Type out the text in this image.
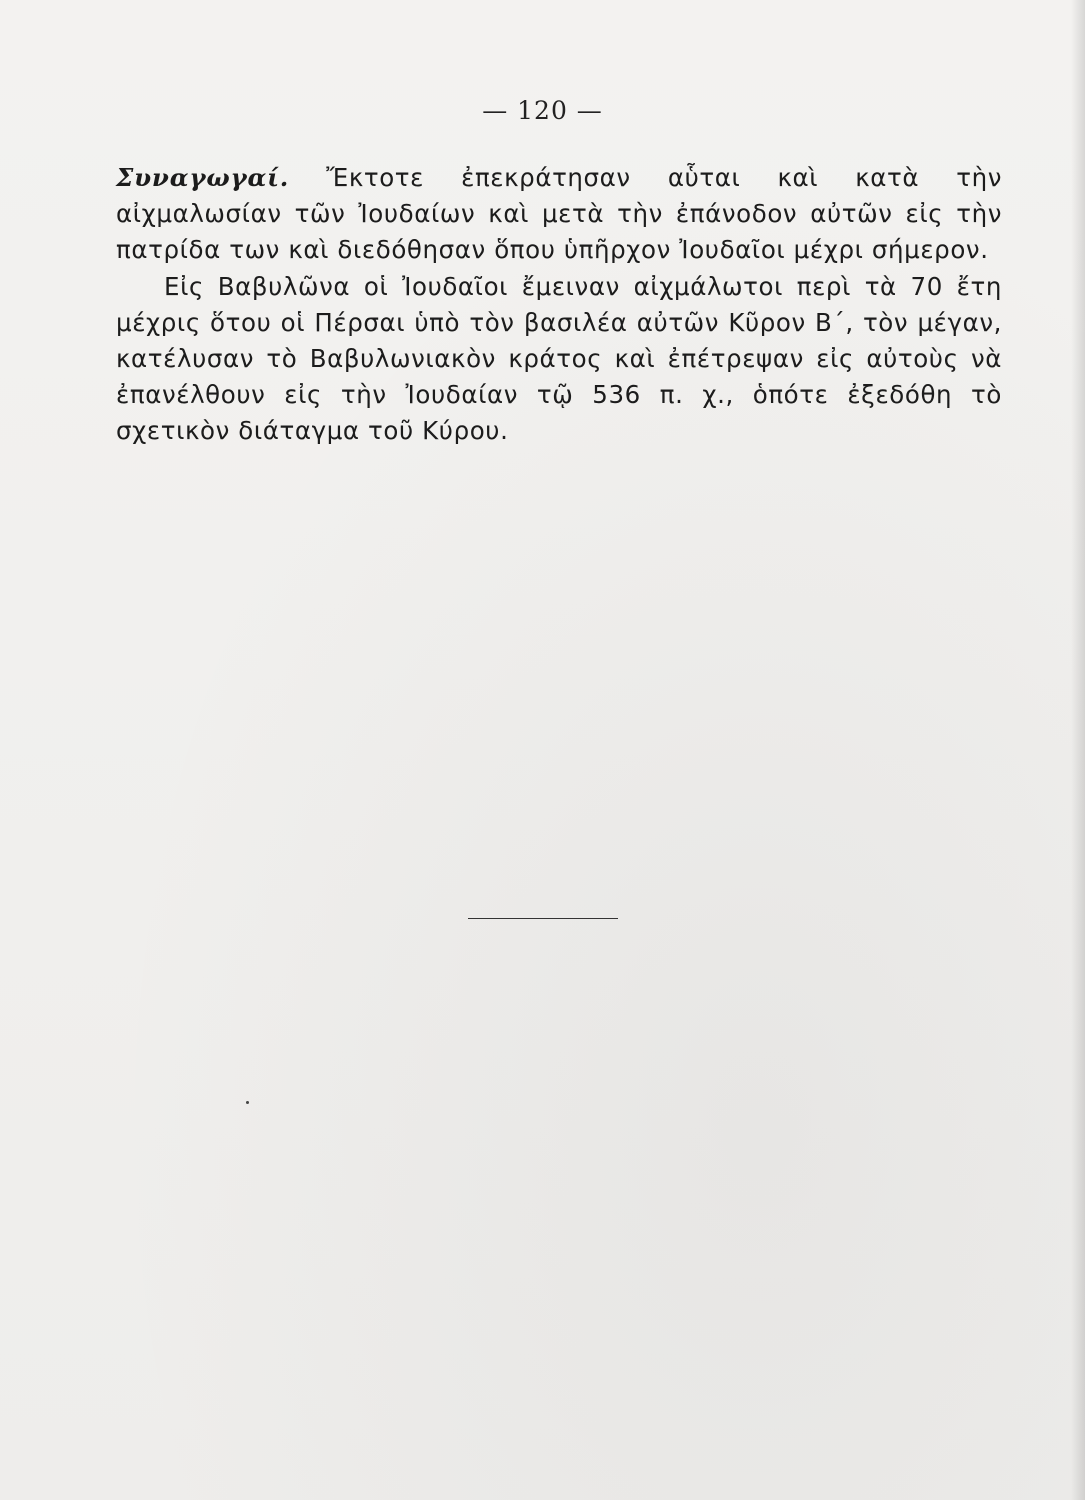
— 120 —

Συναγωγαί. Ἔκτοτε ἐπεκράτησαν αὗται καὶ κατὰ τὴν αἰχμαλωσίαν τῶν Ἰουδαίων καὶ μετὰ τὴν ἐπάνοδον αὐτῶν εἰς τὴν πατρίδα των καὶ διεδόθησαν ὅπου ὑπῆρχον Ἰουδαῖοι μέχρι σήμερον.

Εἰς Βαβυλῶνα οἱ Ἰουδαῖοι ἔμειναν αἰχμάλωτοι περὶ τὰ 70 ἔτη μέχρις ὅτου οἱ Πέρσαι ὑπὸ τὸν βασιλέα αὐτῶν Κῦρον Β΄, τὸν μέγαν, κατέλυσαν τὸ Βαβυλωνιακὸν κράτος καὶ ἐπέτρεψαν εἰς αὐτοὺς νὰ ἐπανέλθουν εἰς τὴν Ἰουδαίαν τῷ 536 π. χ., ὁπότε ἐξεδόθη τὸ σχετικὸν διάταγμα τοῦ Κύρου.
